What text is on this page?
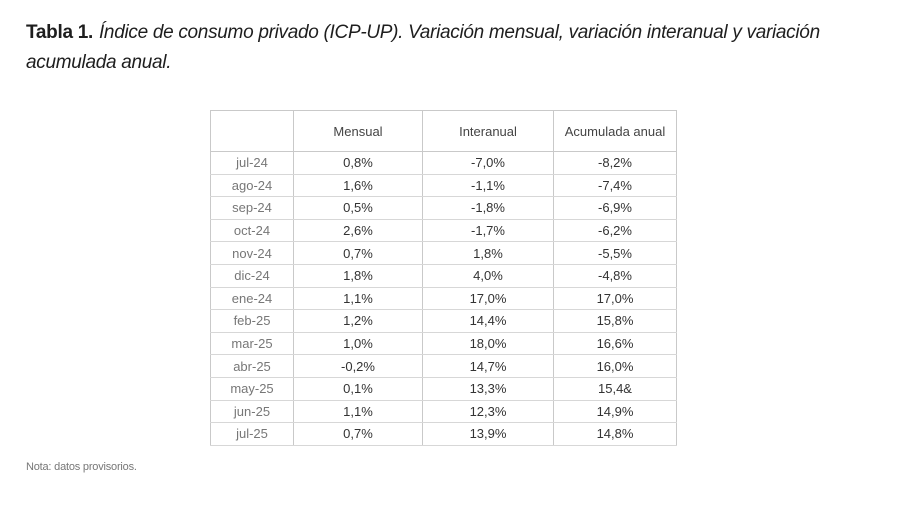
Tabla 1. Índice de consumo privado (ICP-UP). Variación mensual, variación interanual y variación acumulada anual.
	Mensual	Interanual	Acumulada anual
jul-24	0,8%	-7,0%	-8,2%
ago-24	1,6%	-1,1%	-7,4%
sep-24	0,5%	-1,8%	-6,9%
oct-24	2,6%	-1,7%	-6,2%
nov-24	0,7%	1,8%	-5,5%
dic-24	1,8%	4,0%	-4,8%
ene-24	1,1%	17,0%	17,0%
feb-25	1,2%	14,4%	15,8%
mar-25	1,0%	18,0%	16,6%
abr-25	-0,2%	14,7%	16,0%
may-25	0,1%	13,3%	15,4&
jun-25	1,1%	12,3%	14,9%
jul-25	0,7%	13,9%	14,8%
Nota: datos provisorios.
